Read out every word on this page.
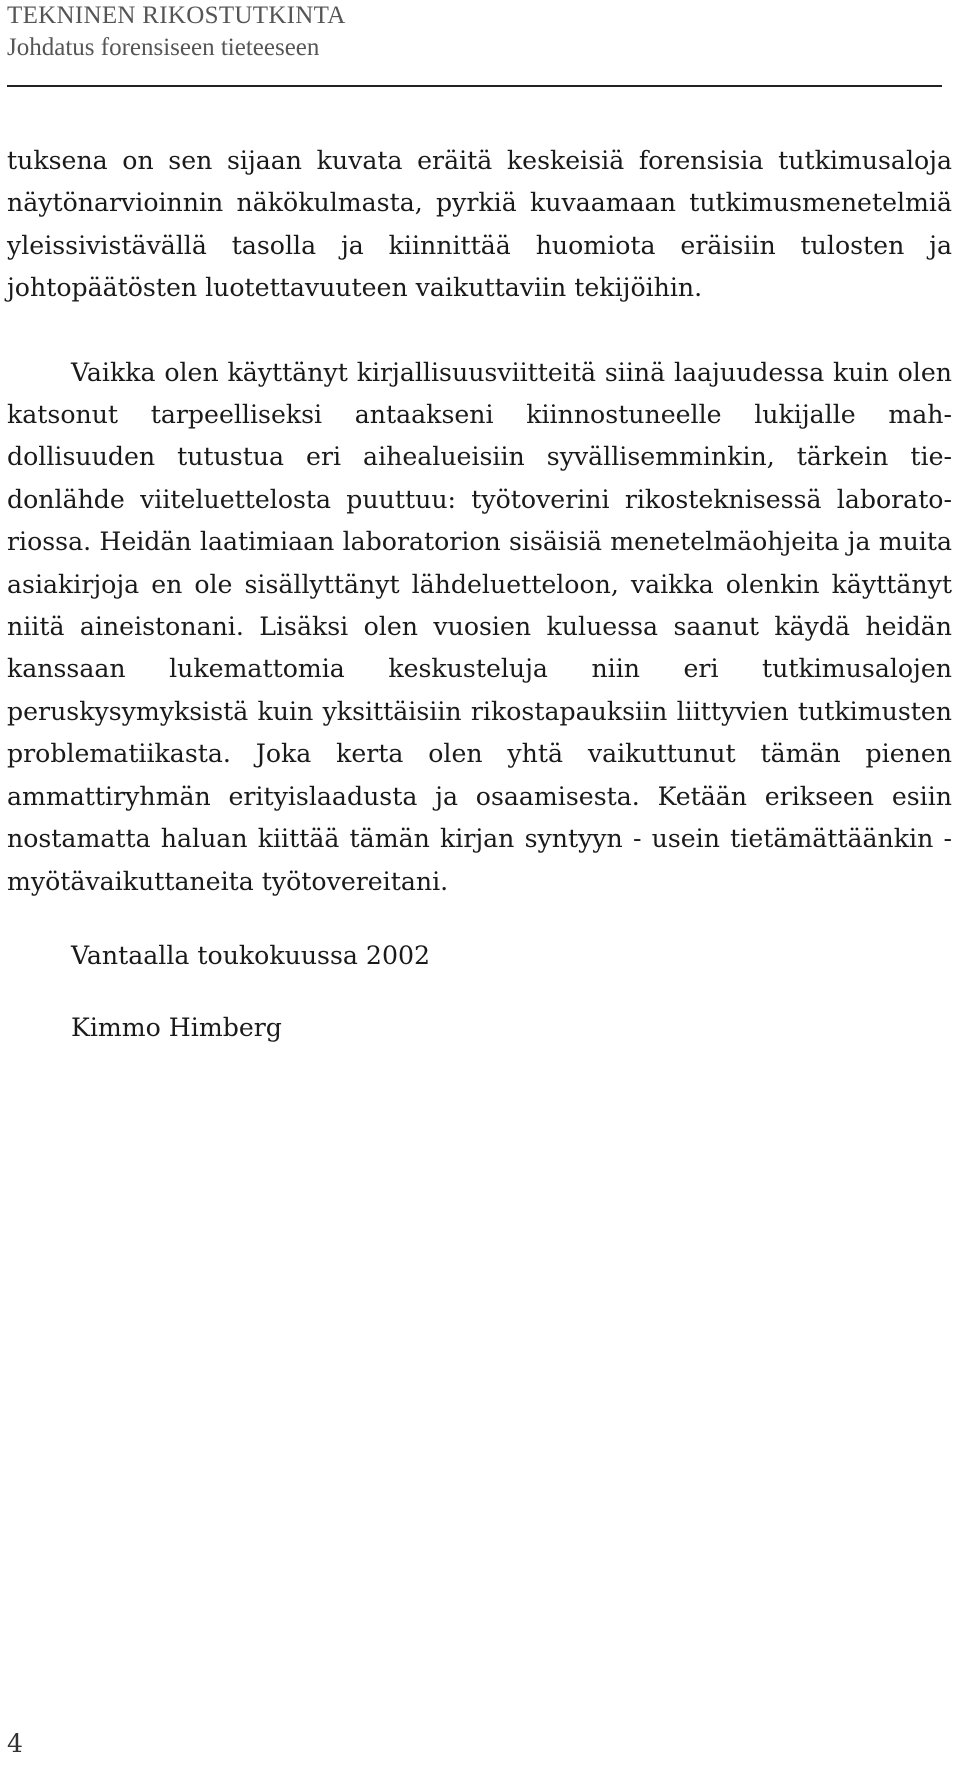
TEKNINEN RIKOSTUTKINTA
Johdatus forensiseen tieteeseen

tuksena on sen sijaan kuvata eräitä keskeisiä forensisia tutkimusaloja näytönarvioinnin näkökulmasta, pyrkiä kuvaamaan tutkimusmenetelmiä yleissivistävällä tasolla ja kiinnittää huomiota eräisiin tulosten ja johtopäätösten luotettavuuteen vaikuttaviin tekijöihin.

Vaikka olen käyttänyt kirjallisuusviitteitä siinä laajuudessa kuin olen katsonut tarpeelliseksi antaakseni kiinnostuneelle lukijalle mahdollisuuden tutustua eri aihealueisiin syvällisemminkin, tärkein tiedonlähde viiteluettelosta puuttuu: työtoverini rikosteknisessä laboratoriossa. Heidän laatimiaan laboratorion sisäisiä menetelmäohjeita ja muita asiakirjoja en ole sisällyttänyt lähdeluetteloon, vaikka olenkin käyttänyt niitä aineistonani. Lisäksi olen vuosien kuluessa saanut käydä heidän kanssaan lukemattomia keskusteluja niin eri tutkimusalojen peruskysymyksistä kuin yksittäisiin rikostapauksiin liittyvien tutkimusten problematiikasta. Joka kerta olen yhtä vaikuttunut tämän pienen ammattiryhmän erityislaadusta ja osaamisesta. Ketään erikseen esiin nostamatta haluan kiittää tämän kirjan syntyyn - usein tietämättäänkin - myötävaikuttaneita työtovereitani.

Vantaalla toukokuussa 2002

Kimmo Himberg

4
